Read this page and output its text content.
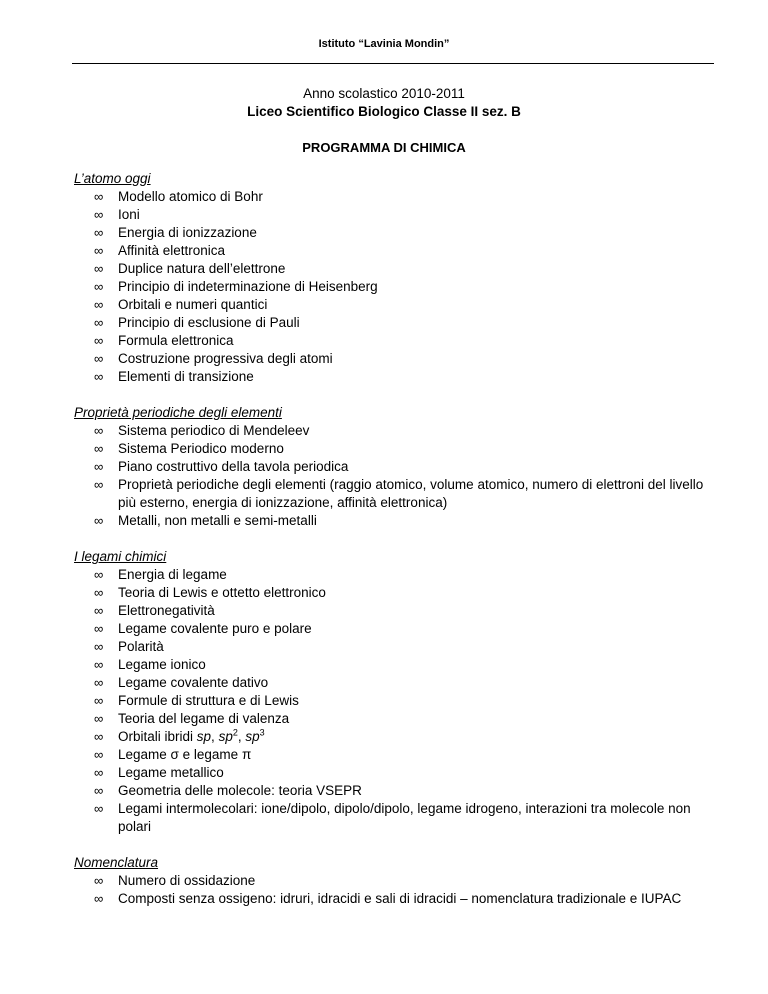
Istituto “Lavinia Mondin”
Anno scolastico 2010-2011
Liceo Scientifico Biologico Classe II sez. B
PROGRAMMA DI CHIMICA
L’atomo oggi
∞ Modello atomico di Bohr
∞ Ioni
∞ Energia di ionizzazione
∞ Affinità elettronica
∞ Duplice natura dell’elettrone
∞ Principio di indeterminazione di Heisenberg
∞ Orbitali e numeri quantici
∞ Principio di esclusione di Pauli
∞ Formula elettronica
∞ Costruzione progressiva degli atomi
∞ Elementi di transizione
Proprietà periodiche degli elementi
∞ Sistema periodico di Mendeleev
∞ Sistema Periodico moderno
∞ Piano costruttivo della tavola periodica
∞ Proprietà periodiche degli elementi (raggio atomico, volume atomico, numero di elettroni del livello più esterno, energia di ionizzazione, affinità elettronica)
∞ Metalli, non metalli e semi-metalli
I legami chimici
∞ Energia di legame
∞ Teoria di Lewis e ottetto elettronico
∞ Elettronegatività
∞ Legame covalente puro e polare
∞ Polarità
∞ Legame ionico
∞ Legame covalente dativo
∞ Formule di struttura e di Lewis
∞ Teoria del legame di valenza
∞ Orbitali ibridi sp, $sp^2$, $sp^3$
∞ Legame σ e legame π
∞ Legame metallico
∞ Geometria delle molecole: teoria VSEPR
∞ Legami intermolecolari: ione/dipolo, dipolo/dipolo, legame idrogeno, interazioni tra molecole non polari
Nomenclatura
∞ Numero di ossidazione
∞ Composti senza ossigeno: idruri, idracidi e sali di idracidi – nomenclatura tradizionale e IUPAC
